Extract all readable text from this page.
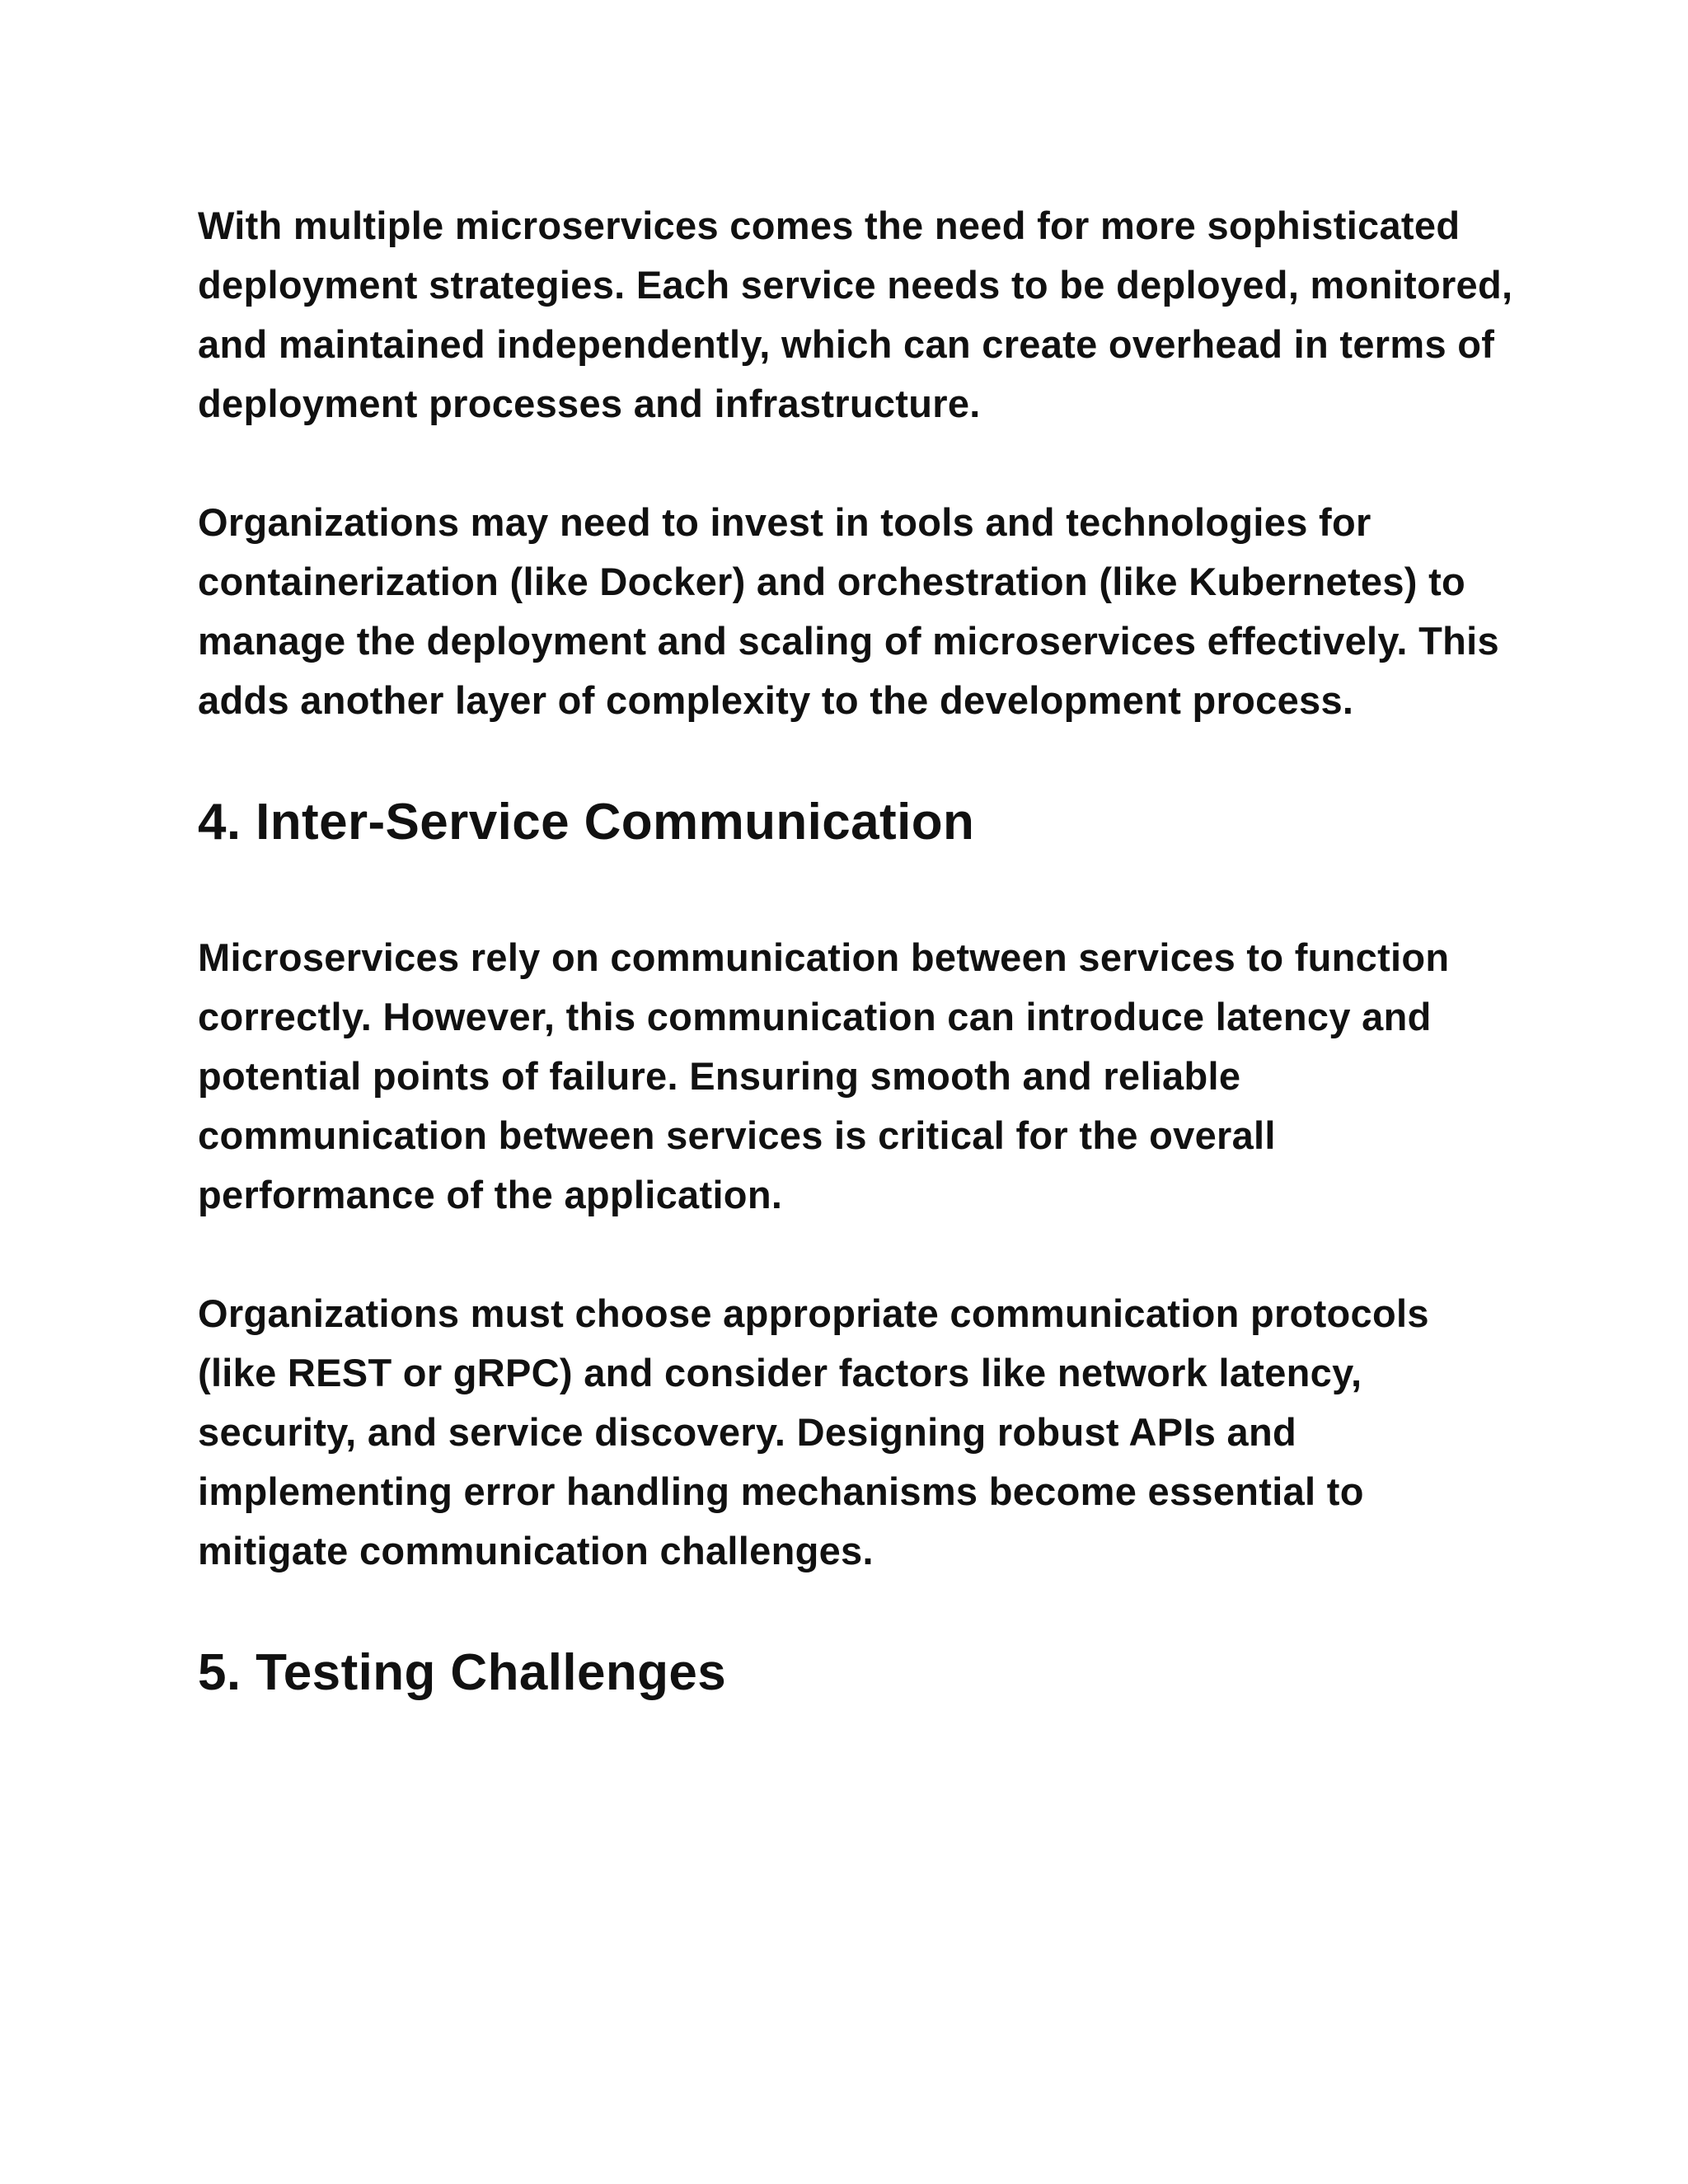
With multiple microservices comes the need for more sophisticated deployment strategies. Each service needs to be deployed, monitored, and maintained independently, which can create overhead in terms of deployment processes and infrastructure.

Organizations may need to invest in tools and technologies for containerization (like Docker) and orchestration (like Kubernetes) to manage the deployment and scaling of microservices effectively. This adds another layer of complexity to the development process.

4. Inter-Service Communication

Microservices rely on communication between services to function correctly. However, this communication can introduce latency and potential points of failure. Ensuring smooth and reliable communication between services is critical for the overall performance of the application.

Organizations must choose appropriate communication protocols (like REST or gRPC) and consider factors like network latency, security, and service discovery. Designing robust APIs and implementing error handling mechanisms become essential to mitigate communication challenges.

5. Testing Challenges
